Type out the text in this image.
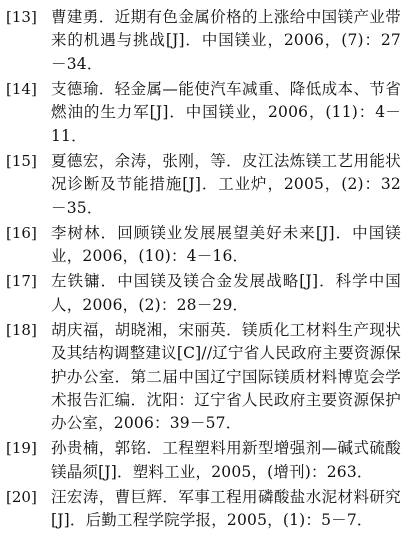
[13] 曹建勇．近期有色金属价格的上涨给中国镁产业带来的机遇与挑战[J]．中国镁业，2006，(7)：27－34．
[14] 支德瑜．轻金属—能使汽车减重、降低成本、节省燃油的生力军[J]．中国镁业，2006，(11)：4－11．
[15] 夏德宏，余涛，张刚，等．皮江法炼镁工艺用能状况诊断及节能措施[J]．工业炉，2005，(2)：32－35．
[16] 李树林．回顾镁业发展展望美好未来[J]．中国镁业，2006，(10)：4－16．
[17] 左铁镛．中国镁及镁合金发展战略[J]．科学中国人，2006，(2)：28－29．
[18] 胡庆福，胡晓湘，宋丽英．镁质化工材料生产现状及其结构调整建议[C]//辽宁省人民政府主要资源保护办公室．第二届中国辽宁国际镁质材料博览会学术报告汇编．沈阳：辽宁省人民政府主要资源保护办公室，2006：39－57．
[19] 孙贵楠，郭铭．工程塑料用新型增强剂—碱式硫酸镁晶须[J]．塑料工业，2005，(增刊)：263．
[20] 汪宏涛，曹巨辉．军事工程用磷酸盐水泥材料研究[J]．后勤工程学院学报，2005，(1)：5－7．
